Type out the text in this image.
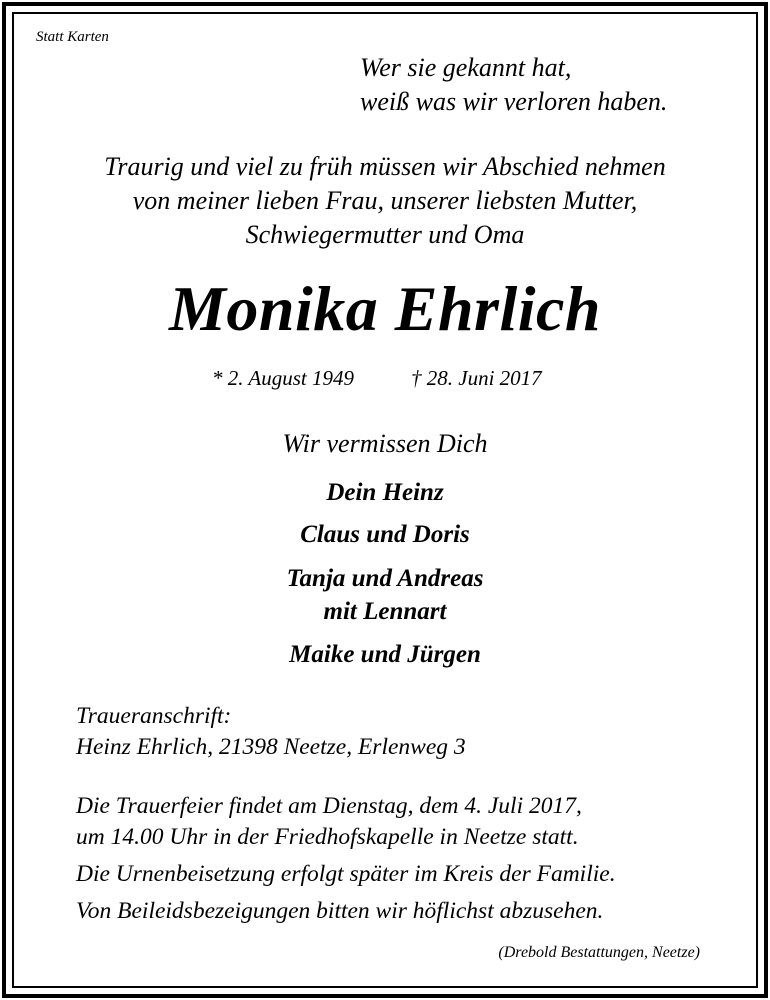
Statt Karten
Wer sie gekannt hat,
weiß was wir verloren haben.
Traurig und viel zu früh müssen wir Abschied nehmen
von meiner lieben Frau, unserer liebsten Mutter,
Schwiegermutter und Oma
Monika Ehrlich
* 2. August 1949	† 28. Juni 2017
Wir vermissen Dich
Dein Heinz
Claus und Doris
Tanja und Andreas
mit Lennart
Maike und Jürgen
Traueranschrift:
Heinz Ehrlich, 21398 Neetze, Erlenweg 3
Die Trauerfeier findet am Dienstag, dem 4. Juli 2017,
um 14.00 Uhr in der Friedhofskapelle in Neetze statt.
Die Urnenbeisetzung erfolgt später im Kreis der Familie.
Von Beileidsbezeigungen bitten wir höflichst abzusehen.
(Drebold Bestattungen, Neetze)
